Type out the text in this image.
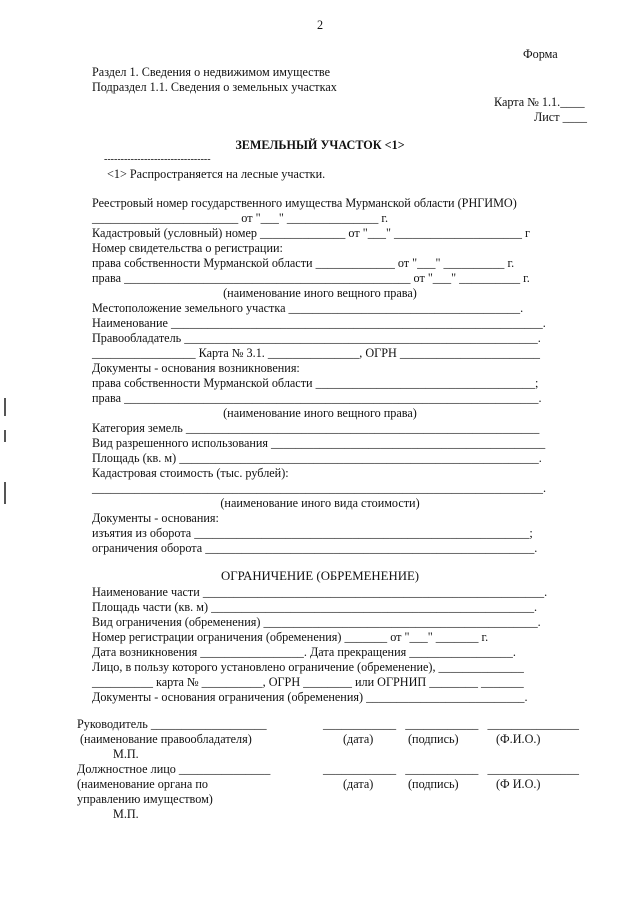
2
Форма
Раздел 1. Сведения о недвижимом имуществе
Подраздел 1.1. Сведения о земельных участках
Карта № 1.1.____
Лист ____
ЗЕМЕЛЬНЫЙ УЧАСТОК <1>
--------------------------------
<1> Распространяется на лесные участки.
Реестровый номер государственного имущества Мурманской области (РНГИМО)
________________________ от "___" _______________ г.
Кадастровый (условный) номер ______________ от "___" _____________________ г
Номер свидетельства о регистрации:
права собственности Мурманской области _____________ от "___" __________ г.
права _______________________________________________ от "___" __________ г.
(наименование иного вещного права)
Местоположение земельного участка ______________________________________.
Наименование _____________________________________________________________.
Правообладатель __________________________________________________________.
_________________ Карта № 3.1. _______________, ОГРН _______________________
Документы - основания возникновения:
права собственности Мурманской области ____________________________________;
права ____________________________________________________________________.
(наименование иного вещного права)
Категория земель __________________________________________________________
Вид разрешенного использования _____________________________________________
Площадь (кв. м) ___________________________________________________________.
Кадастровая стоимость (тыс. рублей):
__________________________________________________________________________.
(наименование иного вида стоимости)
Документы - основания:
изъятия из оборота _______________________________________________________;
ограничения оборота ______________________________________________________.
ОГРАНИЧЕНИЕ (ОБРЕМЕНЕНИЕ)
Наименование части ________________________________________________________.
Площадь части (кв. м) _____________________________________________________.
Вид ограничения (обременения) _____________________________________________.
Номер регистрации ограничения (обременения) _______ от "___" _______ г.
Дата возникновения _________________. Дата прекращения _________________.
Лицо, в пользу которого установлено ограничение (обременение), ______________
__________ карта № __________, ОГРН ________ или ОГРНИП ________ _______
Документы - основания ограничения (обременения) __________________________.
Руководитель ___________________
(наименование правообладателя)
М.П.
____________   ____________   _______________
(дата)	(подпись)	(Ф.И.О.)
Должностное лицо _______________
(наименование органа по
управлению имуществом)
М.П.
____________   ____________   _______________
(дата)	(подпись)	(Ф И.О.)
